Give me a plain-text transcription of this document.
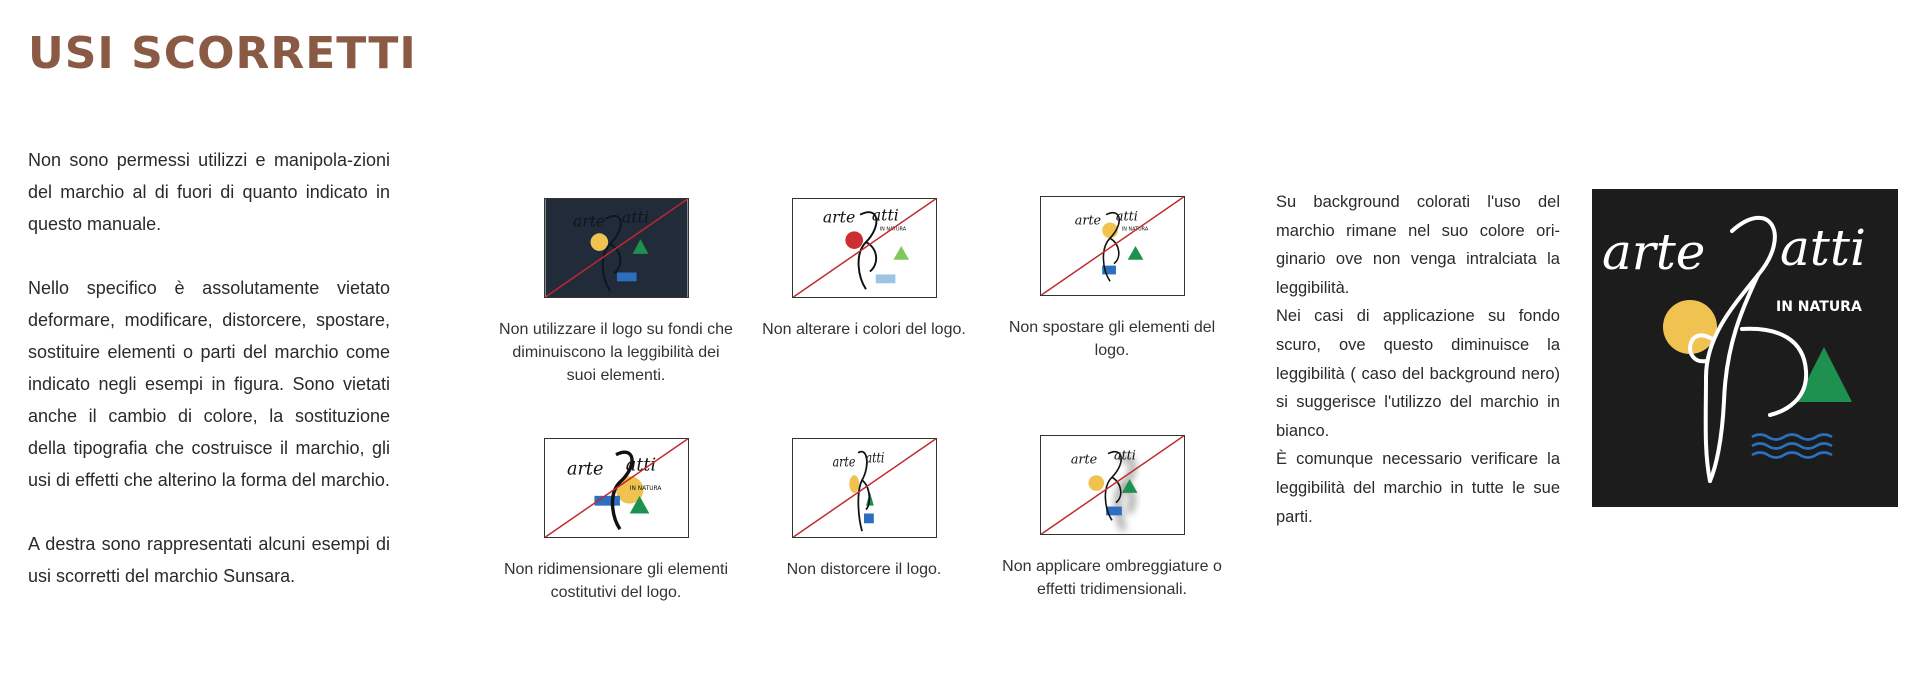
USI SCORRETTI

Non sono permessi utilizzi e manipola-zioni del marchio al di fuori di quanto indicato in questo manuale.

Nello specifico è assolutamente vietato deformare, modificare, distorcere, spostare, sostituire elementi o parti del marchio come indicato negli esempi in figura. Sono vietati anche il cambio di colore, la sostituzione della tipografia che costruisce il marchio, gli usi di effetti che alterino la forma del marchio.

A destra sono rappresentati alcuni esempi di usi scorretti del marchio Sunsara.

arte atti
Non utilizzare il logo su fondi che diminuiscono la leggibilità dei suoi elementi.
arte atti
IN NATURA
Non alterare i colori del logo.
arte atti
IN NATURA
Non spostare gli elementi del logo.
arte atti
IN NATURA
Non ridimensionare gli elementi costitutivi del logo.
arte atti
Non distorcere il logo.
arte atti
Non applicare ombreggiature o effetti tridimensionali.

Su background colorati l'uso del marchio rimane nel suo colore ori-ginario ove non venga intralciata la leggibilità.

Nei casi di applicazione su fondo scuro, ove questo diminuisce la leggibilità ( caso del background nero) si suggerisce l'utilizzo del marchio in bianco.

È comunque necessario verificare la leggibilità del marchio in tutte le sue parti.

arte atti
IN NATURA
